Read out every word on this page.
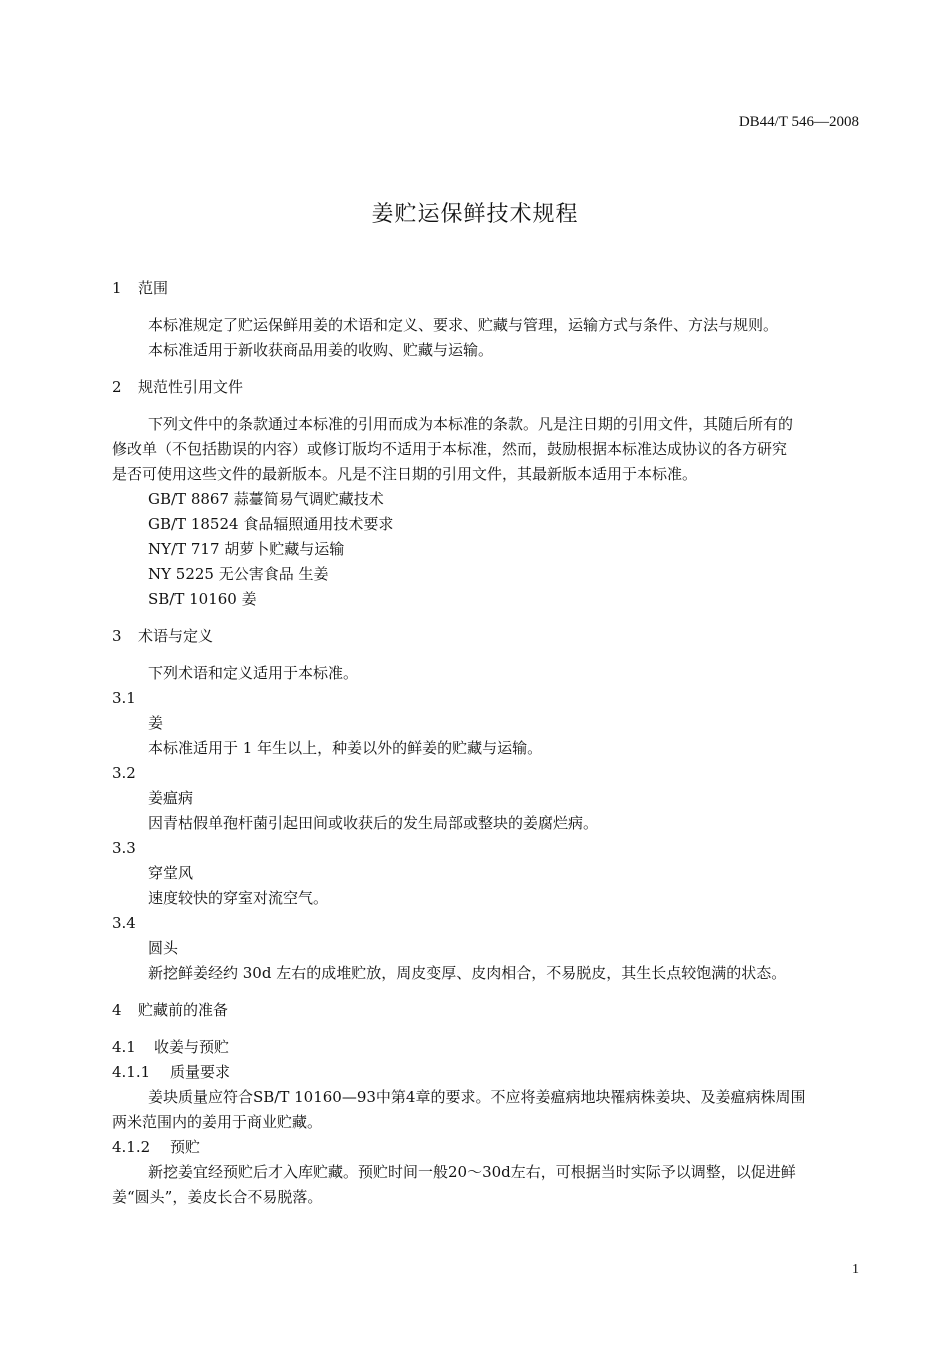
DB44/T 546—2008
姜贮运保鲜技术规程
1 范围
本标准规定了贮运保鲜用姜的术语和定义、要求、贮藏与管理，运输方式与条件、方法与规则。
本标准适用于新收获商品用姜的收购、贮藏与运输。
2 规范性引用文件
下列文件中的条款通过本标准的引用而成为本标准的条款。凡是注日期的引用文件，其随后所有的
修改单（不包括勘误的内容）或修订版均不适用于本标准，然而，鼓励根据本标准达成协议的各方研究
是否可使用这些文件的最新版本。凡是不注日期的引用文件，其最新版本适用于本标准。
GB/T 8867 蒜薹简易气调贮藏技术
GB/T 18524 食品辐照通用技术要求
NY/T 717 胡萝卜贮藏与运输
NY 5225 无公害食品 生姜
SB/T 10160 姜
3 术语与定义
下列术语和定义适用于本标准。
3.1
姜
本标准适用于 1 年生以上，种姜以外的鲜姜的贮藏与运输。
3.2
姜瘟病
因青枯假单孢杆菌引起田间或收获后的发生局部或整块的姜腐烂病。
3.3
穿堂风
速度较快的穿室对流空气。
3.4
圆头
新挖鲜姜经约 30d 左右的成堆贮放，周皮变厚、皮肉相合，不易脱皮，其生长点较饱满的状态。
4 贮藏前的准备
4.1 收姜与预贮
4.1.1 质量要求
姜块质量应符合SB/T 10160—93中第4章的要求。不应将姜瘟病地块罹病株姜块、及姜瘟病株周围
两米范围内的姜用于商业贮藏。
4.1.2 预贮
新挖姜宜经预贮后才入库贮藏。预贮时间一般20～30d左右，可根据当时实际予以调整，以促进鲜
姜“圆头”，姜皮长合不易脱落。
1
